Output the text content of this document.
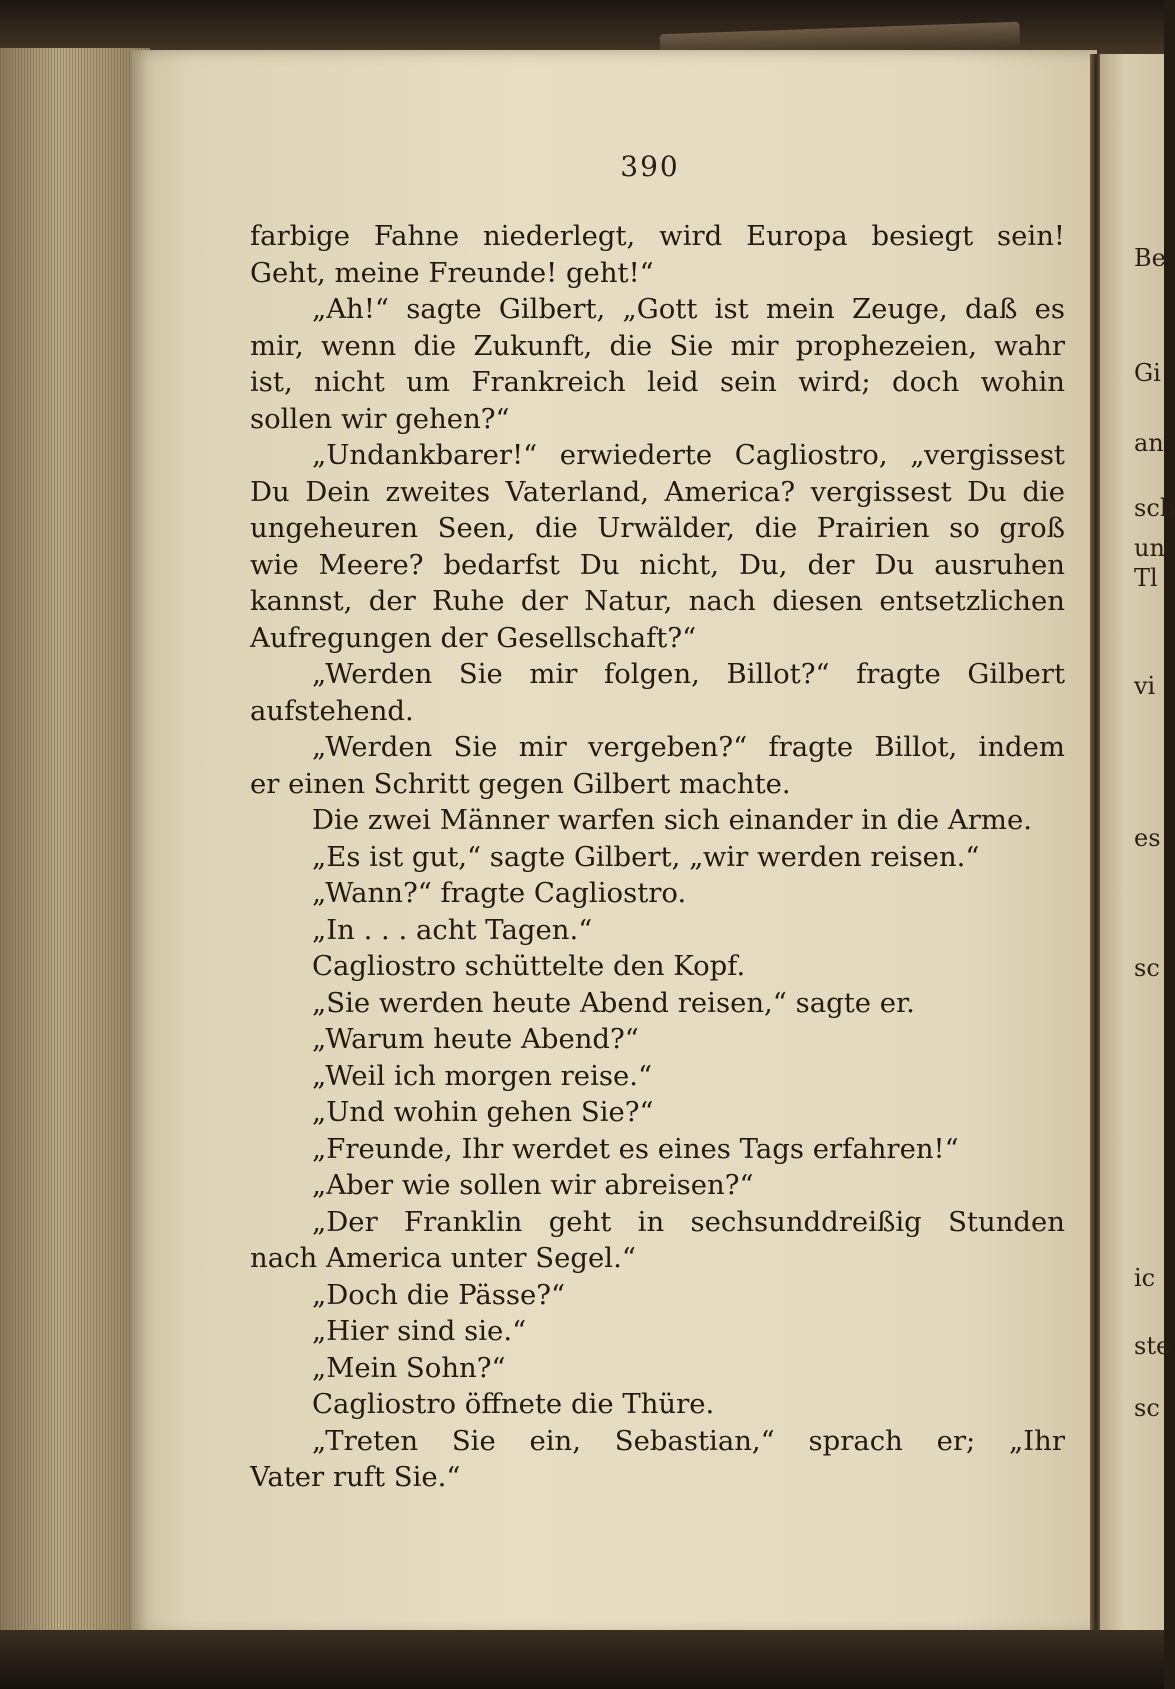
Be
Gi
an
sch
un
Tl
vi
es
sc
ic
ste
sc
390
farbige Fahne niederlegt, wird Europa besiegt sein!
Geht, meine Freunde! geht!“
„Ah!“ sagte Gilbert, „Gott ist mein Zeuge, daß es
mir, wenn die Zukunft, die Sie mir prophezeien, wahr
ist, nicht um Frankreich leid sein wird; doch wohin
sollen wir gehen?“
„Undankbarer!“ erwiederte Cagliostro, „vergissest
Du Dein zweites Vaterland, America? vergissest Du die
ungeheuren Seen, die Urwälder, die Prairien so groß
wie Meere? bedarfst Du nicht, Du, der Du ausruhen
kannst, der Ruhe der Natur, nach diesen entsetzlichen
Aufregungen der Gesellschaft?“
„Werden Sie mir folgen, Billot?“ fragte Gilbert
aufstehend.
„Werden Sie mir vergeben?“ fragte Billot, indem
er einen Schritt gegen Gilbert machte.
Die zwei Männer warfen sich einander in die Arme.
„Es ist gut,“ sagte Gilbert, „wir werden reisen.“
„Wann?“ fragte Cagliostro.
„In . . . acht Tagen.“
Cagliostro schüttelte den Kopf.
„Sie werden heute Abend reisen,“ sagte er.
„Warum heute Abend?“
„Weil ich morgen reise.“
„Und wohin gehen Sie?“
„Freunde, Ihr werdet es eines Tags erfahren!“
„Aber wie sollen wir abreisen?“
„Der Franklin geht in sechsunddreißig Stunden
nach America unter Segel.“
„Doch die Pässe?“
„Hier sind sie.“
„Mein Sohn?“
Cagliostro öffnete die Thüre.
„Treten Sie ein, Sebastian,“ sprach er; „Ihr
Vater ruft Sie.“
